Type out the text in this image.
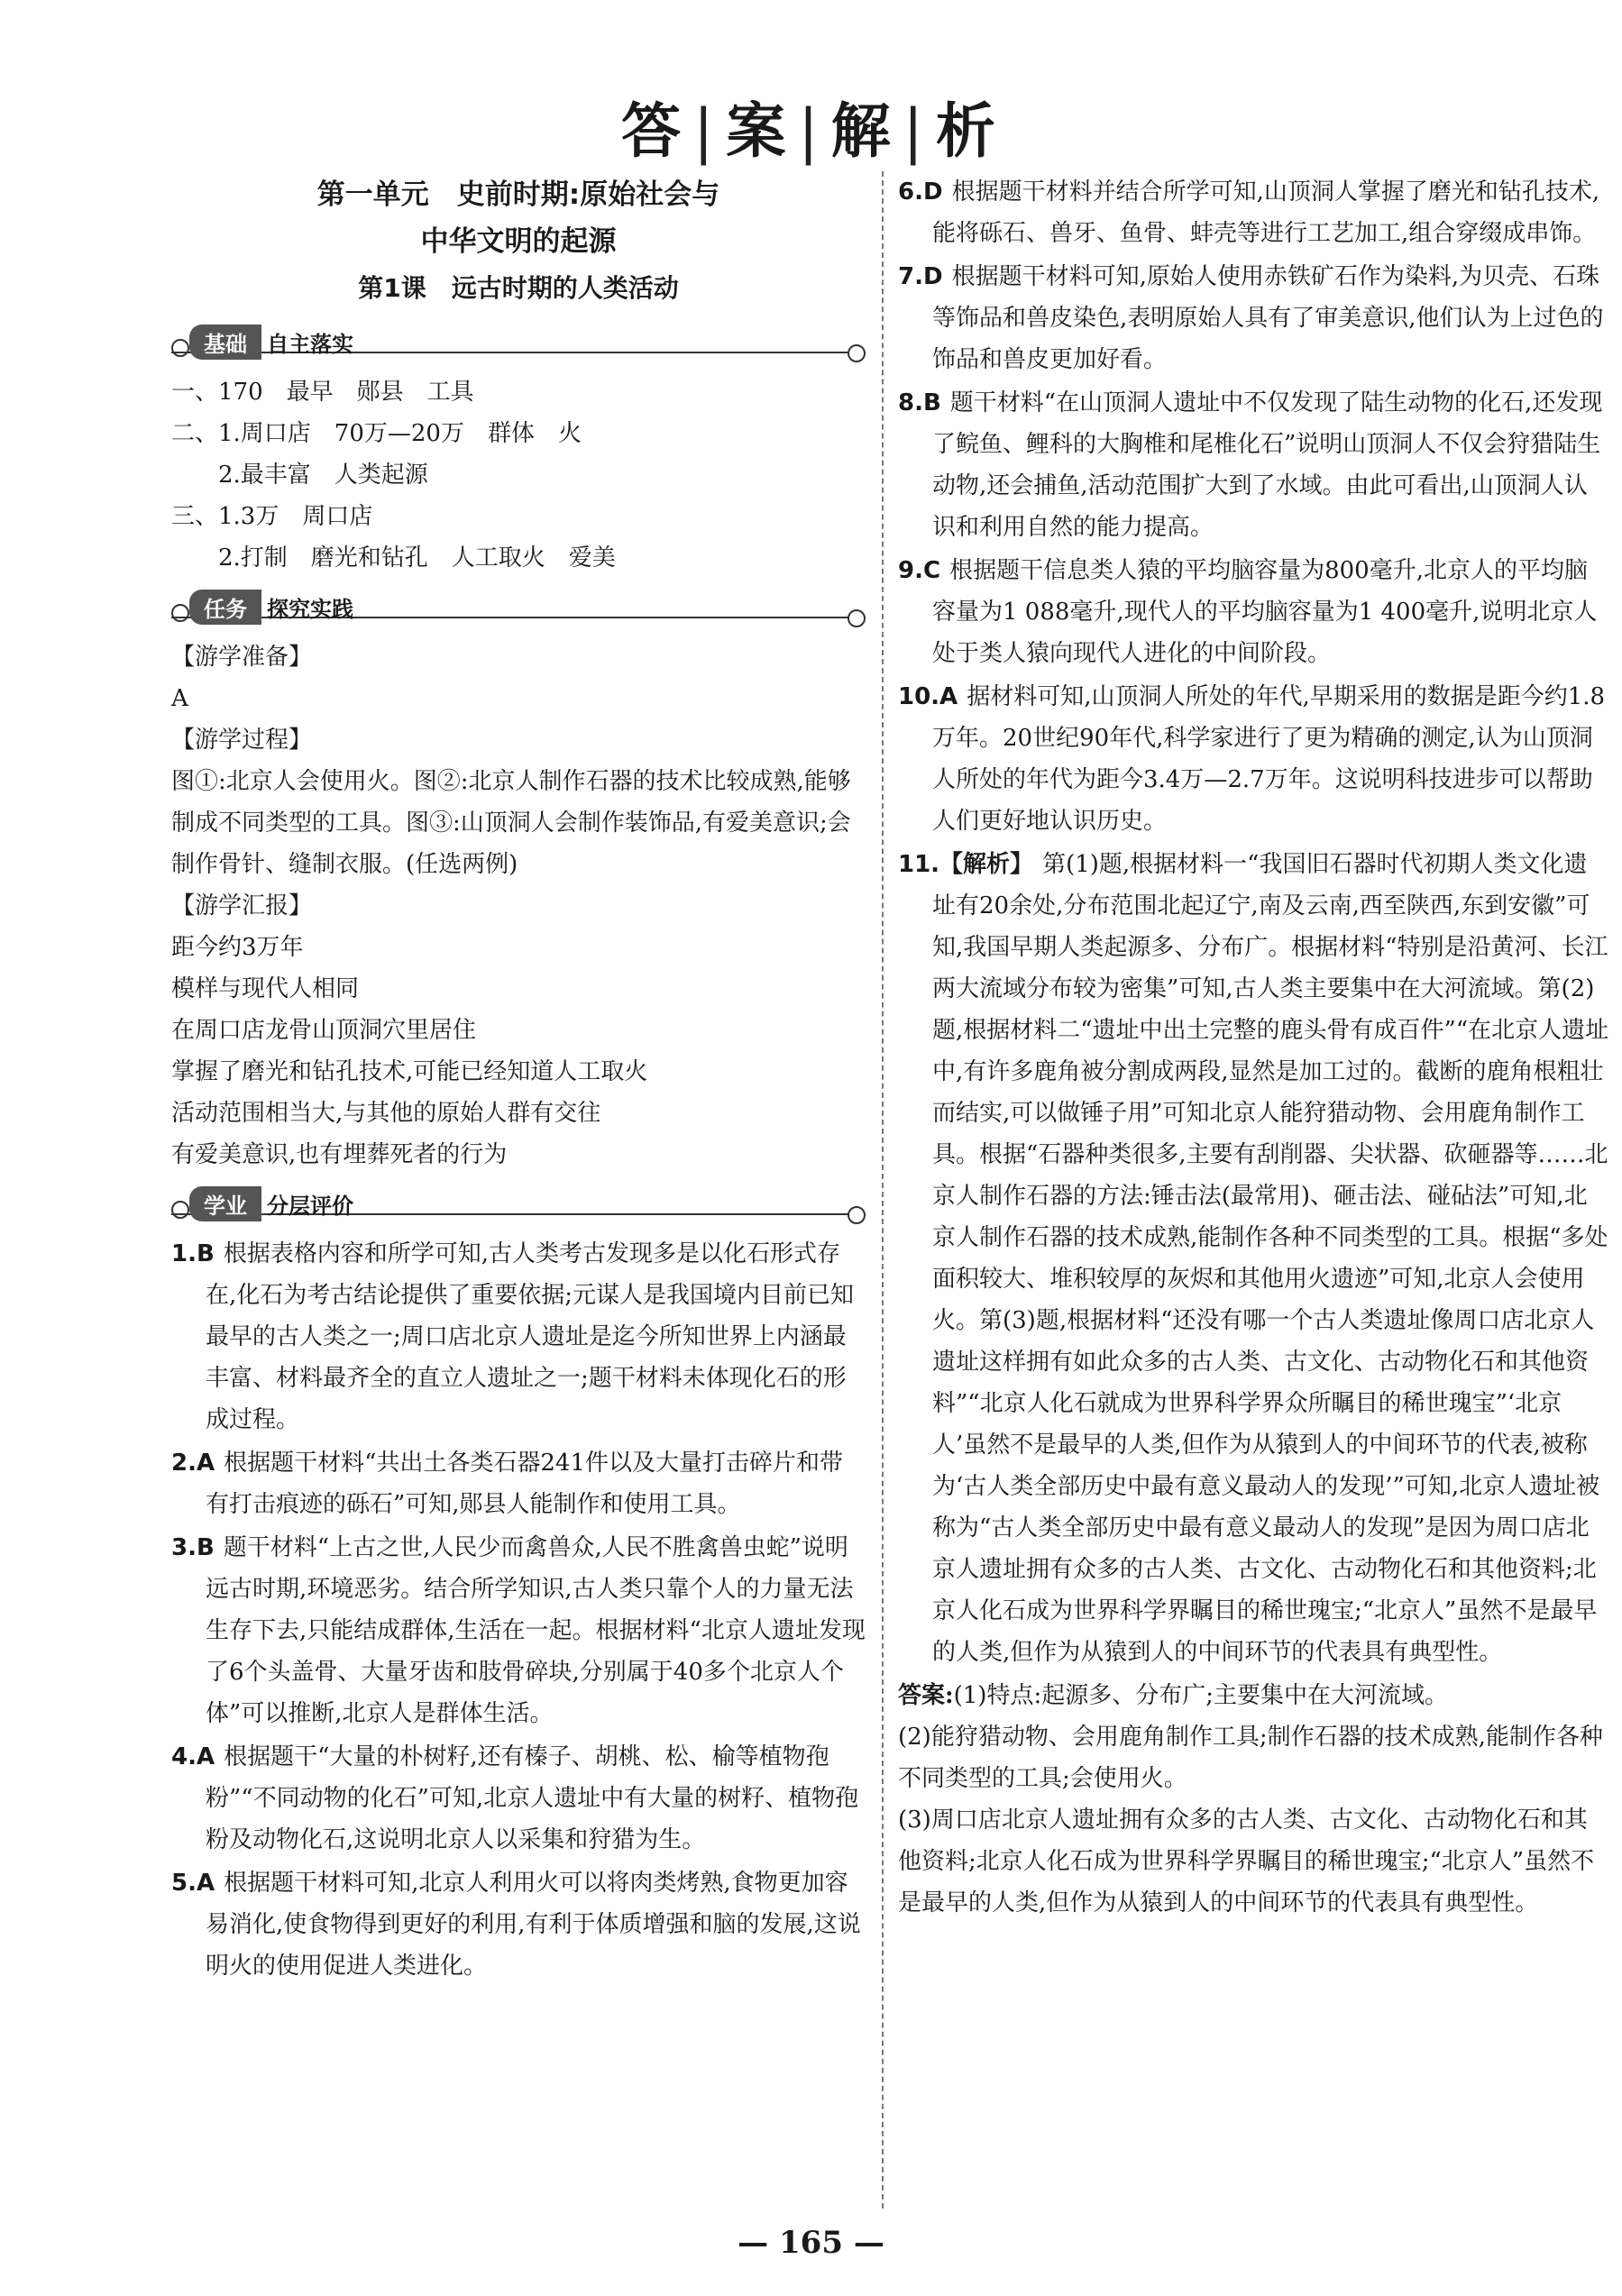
答 | 案 | 解 | 析
第一单元　史前时期:原始社会与
中华文明的起源
第1课　远古时期的人类活动
基础 自主落实

一、170　最早　郧县　工具

二、1.周口店　70万—20万　群体　火

2.最丰富　人类起源

三、1.3万　周口店

2.打制　磨光和钻孔　人工取火　爱美

任务 探究实践

【游学准备】

A

【游学过程】

图①:北京人会使用火。图②:北京人制作石器的技术比较成熟,能够制成不同类型的工具。图③:山顶洞人会制作装饰品,有爱美意识;会制作骨针、缝制衣服。(任选两例)

【游学汇报】

距今约3万年

模样与现代人相同

在周口店龙骨山顶洞穴里居住

掌握了磨光和钻孔技术,可能已经知道人工取火

活动范围相当大,与其他的原始人群有交往

有爱美意识,也有埋葬死者的行为

学业 分层评价

1.B 根据表格内容和所学可知,古人类考古发现多是以化石形式存在,化石为考古结论提供了重要依据;元谋人是我国境内目前已知最早的古人类之一;周口店北京人遗址是迄今所知世界上内涵最丰富、材料最齐全的直立人遗址之一;题干材料未体现化石的形成过程。

2.A 根据题干材料“共出土各类石器241件以及大量打击碎片和带有打击痕迹的砾石”可知,郧县人能制作和使用工具。

3.B 题干材料“上古之世,人民少而禽兽众,人民不胜禽兽虫蛇”说明远古时期,环境恶劣。结合所学知识,古人类只靠个人的力量无法生存下去,只能结成群体,生活在一起。根据材料“北京人遗址发现了6个头盖骨、大量牙齿和肢骨碎块,分别属于40多个北京人个体”可以推断,北京人是群体生活。

4.A 根据题干“大量的朴树籽,还有榛子、胡桃、松、榆等植物孢粉”“不同动物的化石”可知,北京人遗址中有大量的树籽、植物孢粉及动物化石,这说明北京人以采集和狩猎为生。

5.A 根据题干材料可知,北京人利用火可以将肉类烤熟,食物更加容易消化,使食物得到更好的利用,有利于体质增强和脑的发展,这说明火的使用促进人类进化。

6.D 根据题干材料并结合所学可知,山顶洞人掌握了磨光和钻孔技术,能将砾石、兽牙、鱼骨、蚌壳等进行工艺加工,组合穿缀成串饰。

7.D 根据题干材料可知,原始人使用赤铁矿石作为染料,为贝壳、石珠等饰品和兽皮染色,表明原始人具有了审美意识,他们认为上过色的饰品和兽皮更加好看。

8.B 题干材料“在山顶洞人遗址中不仅发现了陆生动物的化石,还发现了鲩鱼、鲤科的大胸椎和尾椎化石”说明山顶洞人不仅会狩猎陆生动物,还会捕鱼,活动范围扩大到了水域。由此可看出,山顶洞人认识和利用自然的能力提高。

9.C 根据题干信息类人猿的平均脑容量为800毫升,北京人的平均脑容量为1 088毫升,现代人的平均脑容量为1 400毫升,说明北京人处于类人猿向现代人进化的中间阶段。

10.A 据材料可知,山顶洞人所处的年代,早期采用的数据是距今约1.8万年。20世纪90年代,科学家进行了更为精确的测定,认为山顶洞人所处的年代为距今3.4万—2.7万年。这说明科技进步可以帮助人们更好地认识历史。

11.【解析】 第(1)题,根据材料一“我国旧石器时代初期人类文化遗址有20余处,分布范围北起辽宁,南及云南,西至陕西,东到安徽”可知,我国早期人类起源多、分布广。根据材料“特别是沿黄河、长江两大流域分布较为密集”可知,古人类主要集中在大河流域。第(2)题,根据材料二“遗址中出土完整的鹿头骨有成百件”“在北京人遗址中,有许多鹿角被分割成两段,显然是加工过的。截断的鹿角根粗壮而结实,可以做锤子用”可知北京人能狩猎动物、会用鹿角制作工具。根据“石器种类很多,主要有刮削器、尖状器、砍砸器等……北京人制作石器的方法:锤击法(最常用)、砸击法、碰砧法”可知,北京人制作石器的技术成熟,能制作各种不同类型的工具。根据“多处面积较大、堆积较厚的灰烬和其他用火遗迹”可知,北京人会使用火。第(3)题,根据材料“还没有哪一个古人类遗址像周口店北京人遗址这样拥有如此众多的古人类、古文化、古动物化石和其他资料”“北京人化石就成为世界科学界众所瞩目的稀世瑰宝”‘北京人’虽然不是最早的人类,但作为从猿到人的中间环节的代表,被称为‘古人类全部历史中最有意义最动人的发现’”可知,北京人遗址被称为“古人类全部历史中最有意义最动人的发现”是因为周口店北京人遗址拥有众多的古人类、古文化、古动物化石和其他资料;北京人化石成为世界科学界瞩目的稀世瑰宝;“北京人”虽然不是最早的人类,但作为从猿到人的中间环节的代表具有典型性。

答案:(1)特点:起源多、分布广;主要集中在大河流域。

(2)能狩猎动物、会用鹿角制作工具;制作石器的技术成熟,能制作各种不同类型的工具;会使用火。

(3)周口店北京人遗址拥有众多的古人类、古文化、古动物化石和其他资料;北京人化石成为世界科学界瞩目的稀世瑰宝;“北京人”虽然不是最早的人类,但作为从猿到人的中间环节的代表具有典型性。

— 165 —
